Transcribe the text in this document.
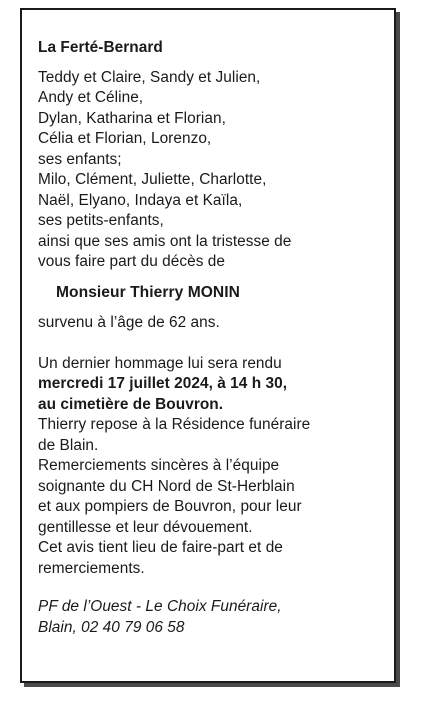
La Ferté-Bernard
Teddy et Claire, Sandy et Julien,
Andy et Céline,
Dylan, Katharina et Florian,
Célia et Florian, Lorenzo,
ses enfants;
Milo, Clément, Juliette, Charlotte,
Naël, Elyano, Indaya et Kaïla,
ses petits-enfants,
ainsi que ses amis ont la tristesse de
vous faire part du décès de
Monsieur Thierry MONIN
survenu à l’âge de 62 ans.
Un dernier hommage lui sera rendu
mercredi 17 juillet 2024, à 14 h 30,
au cimetière de Bouvron.
Thierry repose à la Résidence funéraire
de Blain.
Remerciements sincères à l’équipe
soignante du CH Nord de St-Herblain
et aux pompiers de Bouvron, pour leur
gentillesse et leur dévouement.
Cet avis tient lieu de faire-part et de
remerciements.
PF de l’Ouest - Le Choix Funéraire,
Blain, 02 40 79 06 58
